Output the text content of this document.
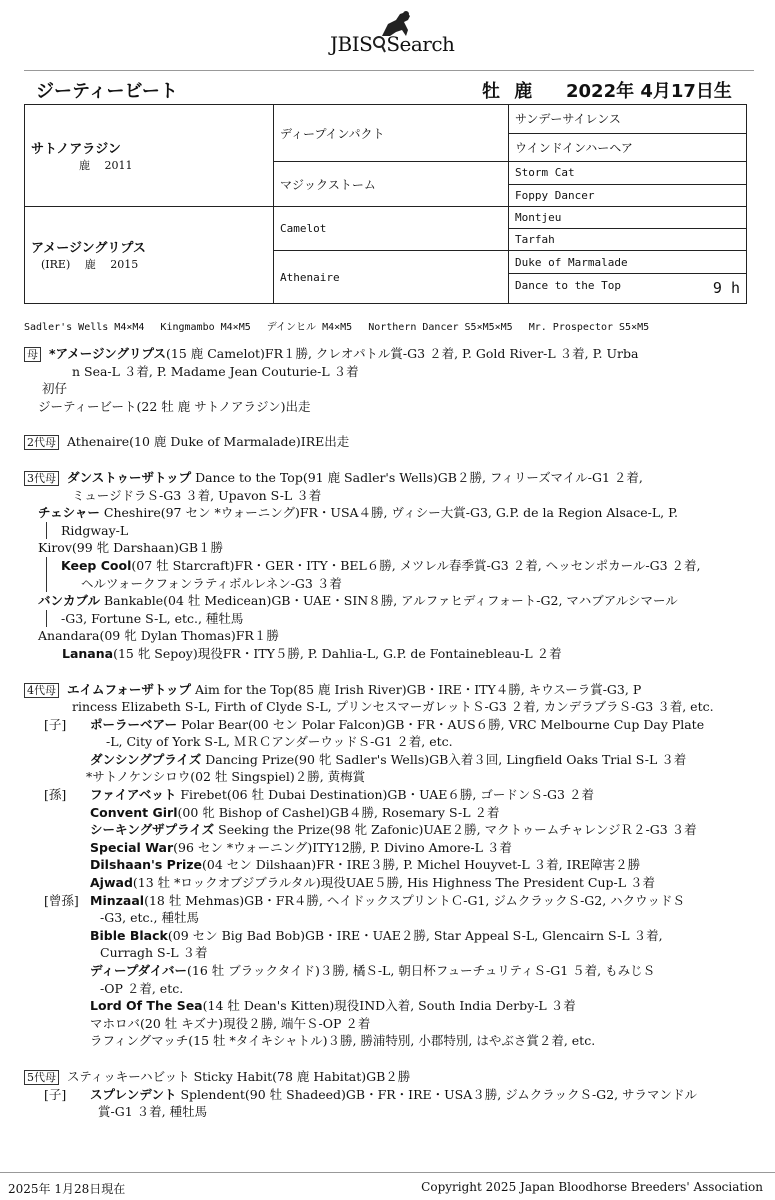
JBIS Search
ジーティービート	牡 鹿 2022年 4月17日生
サトノアラジン
鹿　 2011	ディープインパクト	サンデーサイレンス
		ウインドインハーヘア
	マジックストーム	Storm Cat
		Foppy Dancer

アメージングリプス
(IRE)　 鹿　 2015	Camelot	Montjeu
		Tarfah
	Athenaire	Duke of Marmalade
		Dance to the Top 9 h
Sadler's Wells M4×M4　 Kingmambo M4×M5　 デインヒル M4×M5　 Northern Dancer S5×M5×M5　 Mr. Prospector S5×M5
母 *アメージングリプス(15 鹿 Camelot)FR１勝, クレオパトル賞-G3 ２着, P. Gold River-L ３着, P. Urba
n Sea-L ３着, P. Madame Jean Couturie-L ３着
初仔
ジーティービート(22 牡 鹿 サトノアラジン)出走
2代母 Athenaire(10 鹿 Duke of Marmalade)IRE出走
3代母 ダンストゥーザトップ Dance to the Top(91 鹿 Sadler's Wells)GB２勝, フィリーズマイル-G1 ２着,
ミュージドラＳ-G3 ３着, Upavon S-L ３着
チェシャー Cheshire(97 セン *ウォーニング)FR・USA４勝, ヴィシー大賞-G3, G.P. de la Region Alsace-L, P.
Ridgway-L
Kirov(99 牝 Darshaan)GB１勝
Keep Cool(07 牡 Starcraft)FR・GER・ITY・BEL６勝, メツレル春季賞-G3 ２着, ヘッセンポカール-G3 ２着,
ヘルツォークフォンラティボルレネン-G3 ３着
バンカブル Bankable(04 牡 Medicean)GB・UAE・SIN８勝, アルファヒディフォート-G2, マハブアルシマール
-G3, Fortune S-L, etc., 種牡馬
Anandara(09 牝 Dylan Thomas)FR１勝
Lanana(15 牝 Sepoy)現役FR・ITY５勝, P. Dahlia-L, G.P. de Fontainebleau-L ２着
4代母 エイムフォーザトップ Aim for the Top(85 鹿 Irish River)GB・IRE・ITY４勝, キウスーラ賞-G3, P
rincess Elizabeth S-L, Firth of Clyde S-L, プリンセスマーガレットＳ-G3 ２着, カンデラブラＳ-G3 ３着, etc.
[子] ポーラーベアー Polar Bear(00 セン Polar Falcon)GB・FR・AUS６勝, VRC Melbourne Cup Day Plate
-L, City of York S-L, ＭＲＣアンダーウッドＳ-G1 ２着, etc.
ダンシングプライズ Dancing Prize(90 牝 Sadler's Wells)GB入着３回, Lingfield Oaks Trial S-L ３着
*サトノケンシロウ(02 牡 Singspiel)２勝, 黄梅賞
[孫] ファイアベット Firebet(06 牡 Dubai Destination)GB・UAE６勝, ゴードンＳ-G3 ２着
Convent Girl(00 牝 Bishop of Cashel)GB４勝, Rosemary S-L ２着
シーキングザプライズ Seeking the Prize(98 牝 Zafonic)UAE２勝, マクトゥームチャレンジＲ２-G3 ３着
Special War(96 セン *ウォーニング)ITY12勝, P. Divino Amore-L ３着
Dilshaan's Prize(04 セン Dilshaan)FR・IRE３勝, P. Michel Houyvet-L ３着, IRE障害２勝
Ajwad(13 牡 *ロックオブジブラルタル)現役UAE５勝, His Highness The President Cup-L ３着
[曾孫] Minzaal(18 牡 Mehmas)GB・FR４勝, ヘイドックスプリントＣ-G1, ジムクラックＳ-G2, ハクウッドＳ
-G3, etc., 種牡馬
Bible Black(09 セン Big Bad Bob)GB・IRE・UAE２勝, Star Appeal S-L, Glencairn S-L ３着,
Curragh S-L ３着
ディープダイバー(16 牡 ブラックタイド)３勝, 橘Ｓ-L, 朝日杯フューチュリティＳ-G1 ５着, もみじＳ
-OP ２着, etc.
Lord Of The Sea(14 牡 Dean's Kitten)現役IND入着, South India Derby-L ３着
マホロバ(20 牡 キズナ)現役２勝, 端午Ｓ-OP ２着
ラフィングマッチ(15 牡 *タイキシャトル)３勝, 勝浦特別, 小郡特別, はやぶさ賞２着, etc.
5代母 スティッキーハビット Sticky Habit(78 鹿 Habitat)GB２勝
[子] スプレンデント Splendent(90 牡 Shadeed)GB・FR・IRE・USA３勝, ジムクラックＳ-G2, サラマンドル
賞-G1 ３着, 種牡馬
2025年 1月28日現在	Copyright 2025 Japan Bloodhorse Breeders' Association
